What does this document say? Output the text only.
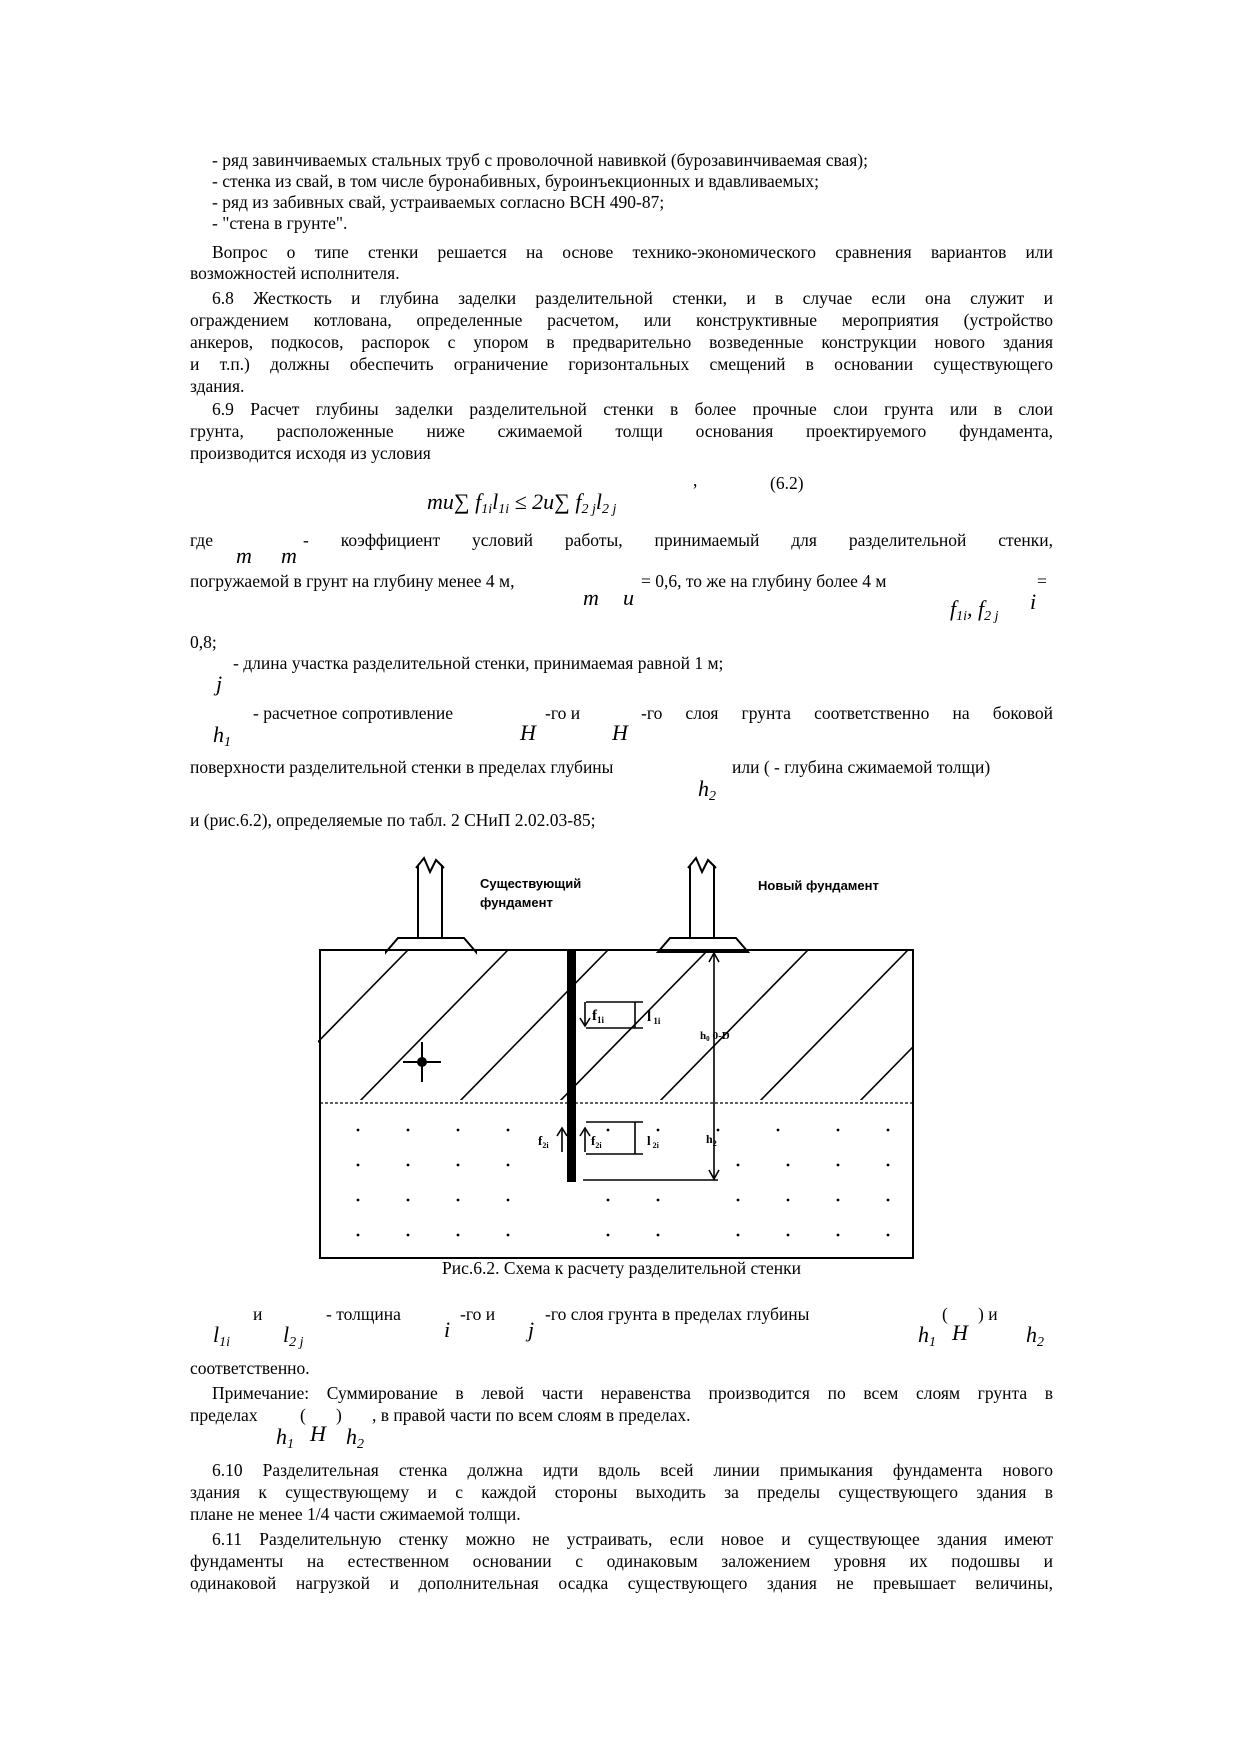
- ряд завинчиваемых стальных труб с проволочной навивкой (бурозавинчиваемая свая);
- стенка из свай, в том числе буронабивных, буроинъекционных и вдавливаемых;
- ряд из забивных свай, устраиваемых согласно ВСН 490-87;
- "стена в грунте".
Вопрос о типе стенки решается на основе технико-экономического сравнения вариантов или
возможностей исполнителя.
6.8 Жесткость и глубина заделки разделительной стенки, и в случае если она служит и
ограждением котлована, определенные расчетом, или конструктивные мероприятия (устройство
анкеров, подкосов, распорок с упором в предварительно возведенные конструкции нового здания
и т.п.) должны обеспечить ограничение горизонтальных смещений в основании существующего
здания.
6.9 Расчет глубины заделки разделительной стенки в более прочные слои грунта или в слои
грунта, расположенные ниже сжимаемой толщи основания проектируемого фундамента,
производится исходя из условия
mu∑ $f_{1i}l_{1i} \le 2u\sum$ $f_{2 j}l_{2 j}$
,	(6.2)
где
m m
- коэффициент условий работы, принимаемый для разделительной стенки,
погружаемой в грунт на глубину менее 4 м,
m u
= 0,6, то же на глубину более 4 м	=
$f_{1i}$, $f_{2 j}$
i
0,8;
- длина участка разделительной стенки, принимаемая равной 1 м;
j
- расчетное сопротивление	-го и	-го слоя грунта соответственно на боковой
$h_1$	H	H
поверхности разделительной стенки в пределах глубины	или ( - глубина сжимаемой толщи)
$h_2$
и (рис.6.2), определяемые по табл. 2 СНиП 2.02.03-85;
$f_{1i}$	l $_{1i}$
$f_{2i}$	$f_{2i}$	l $_{2i}$
h0 0-D
$h_2$
Существующий
фундамент
Новый фундамент
Рис.6.2. Схема к расчету разделительной стенки
и	- толщина	-го и	-го слоя грунта в пределах глубины	( ) и
$l_{1i}$ $l_{2 j}$
i	j	$h_1$ H	$h_2$
соответственно.
Примечание: Суммирование в левой части неравенства производится по всем слоям грунта в
пределах ( ) , в правой части по всем слоям в пределах.
$h_1$ H $h_2$
6.10 Разделительная стенка должна идти вдоль всей линии примыкания фундамента нового
здания к существующему и с каждой стороны выходить за пределы существующего здания в
плане не менее 1/4 части сжимаемой толщи.
6.11 Разделительную стенку можно не устраивать, если новое и существующее здания имеют
фундаменты на естественном основании с одинаковым заложением уровня их подошвы и
одинаковой нагрузкой и дополнительная осадка существующего здания не превышает величины,
